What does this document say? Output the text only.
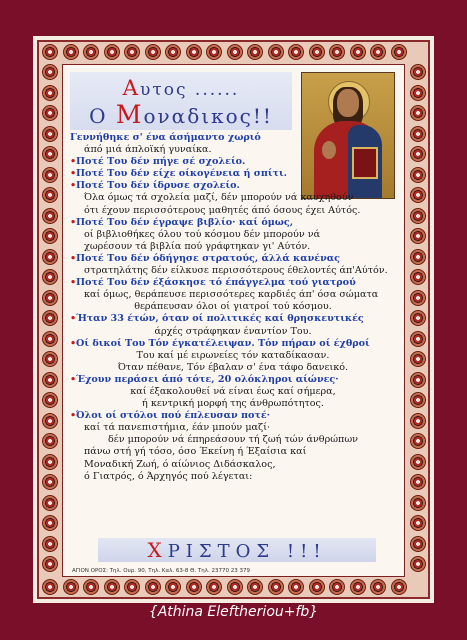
Αυτος ......
Ο Μοναδικος!!
Γεννήθηκε σ' ένα άσήμαντο χωριό
άπό μιά άπλοϊκή γυναίκα.
•Ποτέ Του δέν πήγε σέ σχολείο.
•Ποτέ Του δέν είχε οίκογένεια ή σπίτι.
•Ποτέ Του δέν ίδρυσε σχολείο.
Όλα όμως τά σχολεία μαζί, δέν μπορούν νά καυχηθούν
ότι έχουν περισσότερους μαθητές άπό όσους έχει Αύτός.
•Ποτέ Του δέν έγραψε βιβλίο· καί όμως,
οί βιβλιοθήκες όλου τού κόσμου δέν μπορούν νά
χωρέσουν τά βιβλία πού γράφτηκαν γι' Αύτόν.
•Ποτέ Του δέν όδήγησε στρατούς, άλλά κανένας
στρατηλάτης δέν είλκυσε περισσότερους έθελοντές άπ'Αύτόν.
•Ποτέ Του δέν έξάσκησε τό έπάγγελμα τού γιατρού
καί όμως, θεράπευσε περισσότερες καρδιές άπ' όσα σώματα
θεράπευσαν όλοι οί γιατροί τού κόσμου.
•Ήταν 33 έτών, όταν οί πολιτικές καί θρησκευτικές
άρχές στράφηκαν έναντίον Του.
•Οί δικοί Του Τόν έγκατέλειψαν. Τόν πήραν οί έχθροί
Του καί μέ ειρωνείες τόν καταδίκασαν.
Όταν πέθανε, Τόν έβαλαν σ' ένα τάφο δανεικό.
•Έχουν περάσει άπό τότε, 20 ολόκληροι αίώνες·
καί έξακολουθεί νά είναι έως καί σήμερα,
ή κεντρική μορφή της άνθρωπότητος.
•Όλοι οί στόλοι πού έπλευσαν ποτέ·
καί τά πανεπιστήμια, έάν μπούν μαζί·
δέν μπορούν νά έπηρεάσουν τή ζωή τών άνθρώπων
πάνω στή γή τόσο, όσο Έκείνη ή Έξαίσια καί
Μοναδική Ζωή, ό αίώνιος Διδάσκαλος,
ό Γιατρός, ό Άρχηγός πού λέγεται:
ΧΡΙΣΤΟΣ !!!
ΑΓΙΟΝ ΟΡΟΣ: Τηλ. Ουρ. 90, Τηλ. Καλ. 63-8 Θ. Τηλ. 23770 23 379
{Athina Eleftheriou+fb}
